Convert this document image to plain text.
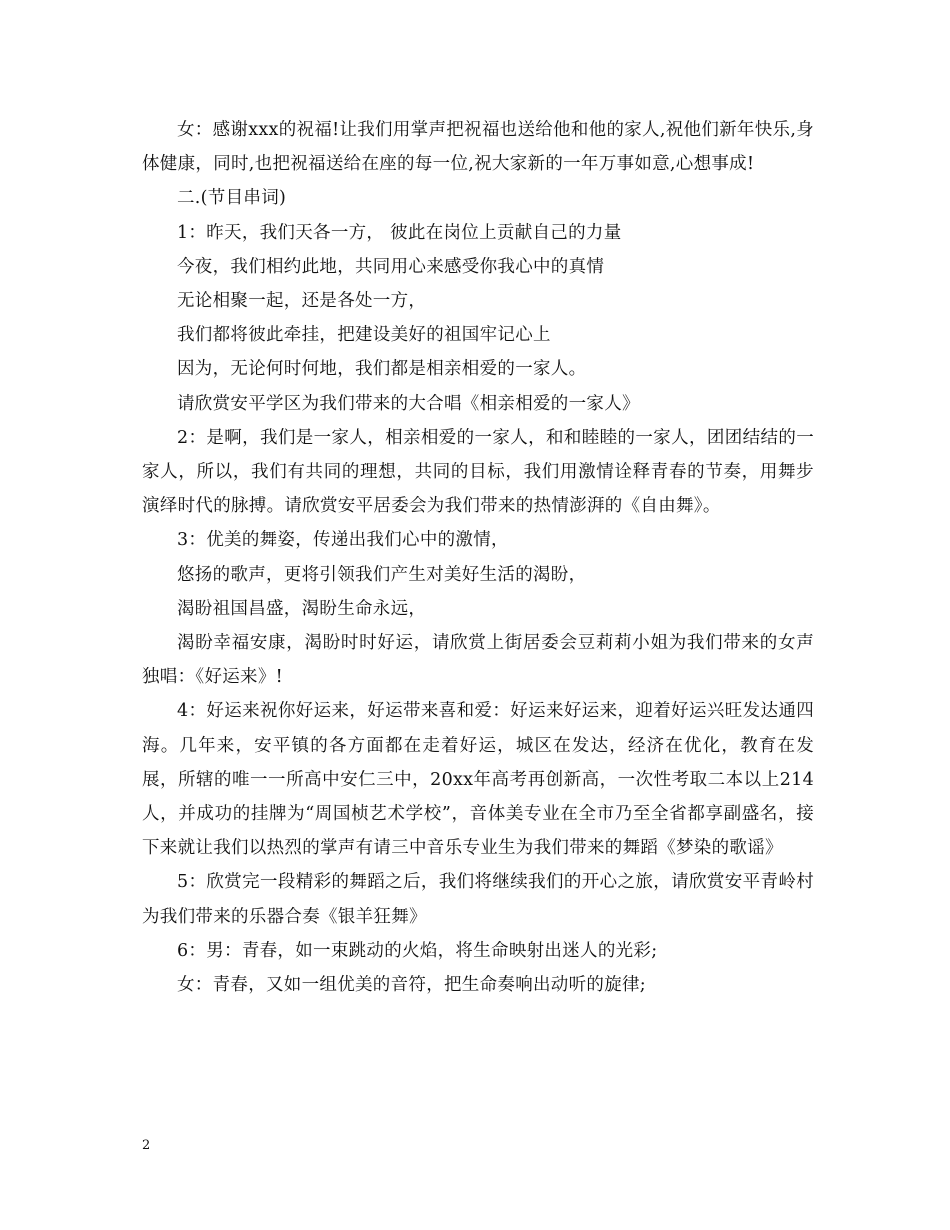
女：感谢xxx的祝福!让我们用掌声把祝福也送给他和他的家人,祝他们新年快乐,身体健康，同时,也把祝福送给在座的每一位,祝大家新的一年万事如意,心想事成!

二.(节目串词)

1：昨天，我们天各一方， 彼此在岗位上贡献自己的力量

今夜，我们相约此地，共同用心来感受你我心中的真情

无论相聚一起，还是各处一方，

我们都将彼此牵挂，把建设美好的祖国牢记心上

因为，无论何时何地，我们都是相亲相爱的一家人。

请欣赏安平学区为我们带来的大合唱《相亲相爱的一家人》

2：是啊，我们是一家人，相亲相爱的一家人，和和睦睦的一家人，团团结结的一家人，所以，我们有共同的理想，共同的目标，我们用激情诠释青春的节奏，用舞步演绎时代的脉搏。请欣赏安平居委会为我们带来的热情澎湃的《自由舞》。

3：优美的舞姿，传递出我们心中的激情，

悠扬的歌声，更将引领我们产生对美好生活的渴盼，

渴盼祖国昌盛，渴盼生命永远，

渴盼幸福安康，渴盼时时好运，请欣赏上街居委会豆莉莉小姐为我们带来的女声独唱：《好运来》!

4：好运来祝你好运来，好运带来喜和爱：好运来好运来，迎着好运兴旺发达通四海。几年来，安平镇的各方面都在走着好运，城区在发达，经济在优化，教育在发展，所辖的唯一一所高中安仁三中，20xx年高考再创新高，一次性考取二本以上214人，并成功的挂牌为“周国桢艺术学校”，音体美专业在全市乃至全省都享副盛名，接下来就让我们以热烈的掌声有请三中音乐专业生为我们带来的舞蹈《梦染的歌谣》

5：欣赏完一段精彩的舞蹈之后，我们将继续我们的开心之旅，请欣赏安平青岭村为我们带来的乐器合奏《银羊狂舞》

6：男：青春，如一束跳动的火焰，将生命映射出迷人的光彩;

女：青春，又如一组优美的音符，把生命奏响出动听的旋律;

2
